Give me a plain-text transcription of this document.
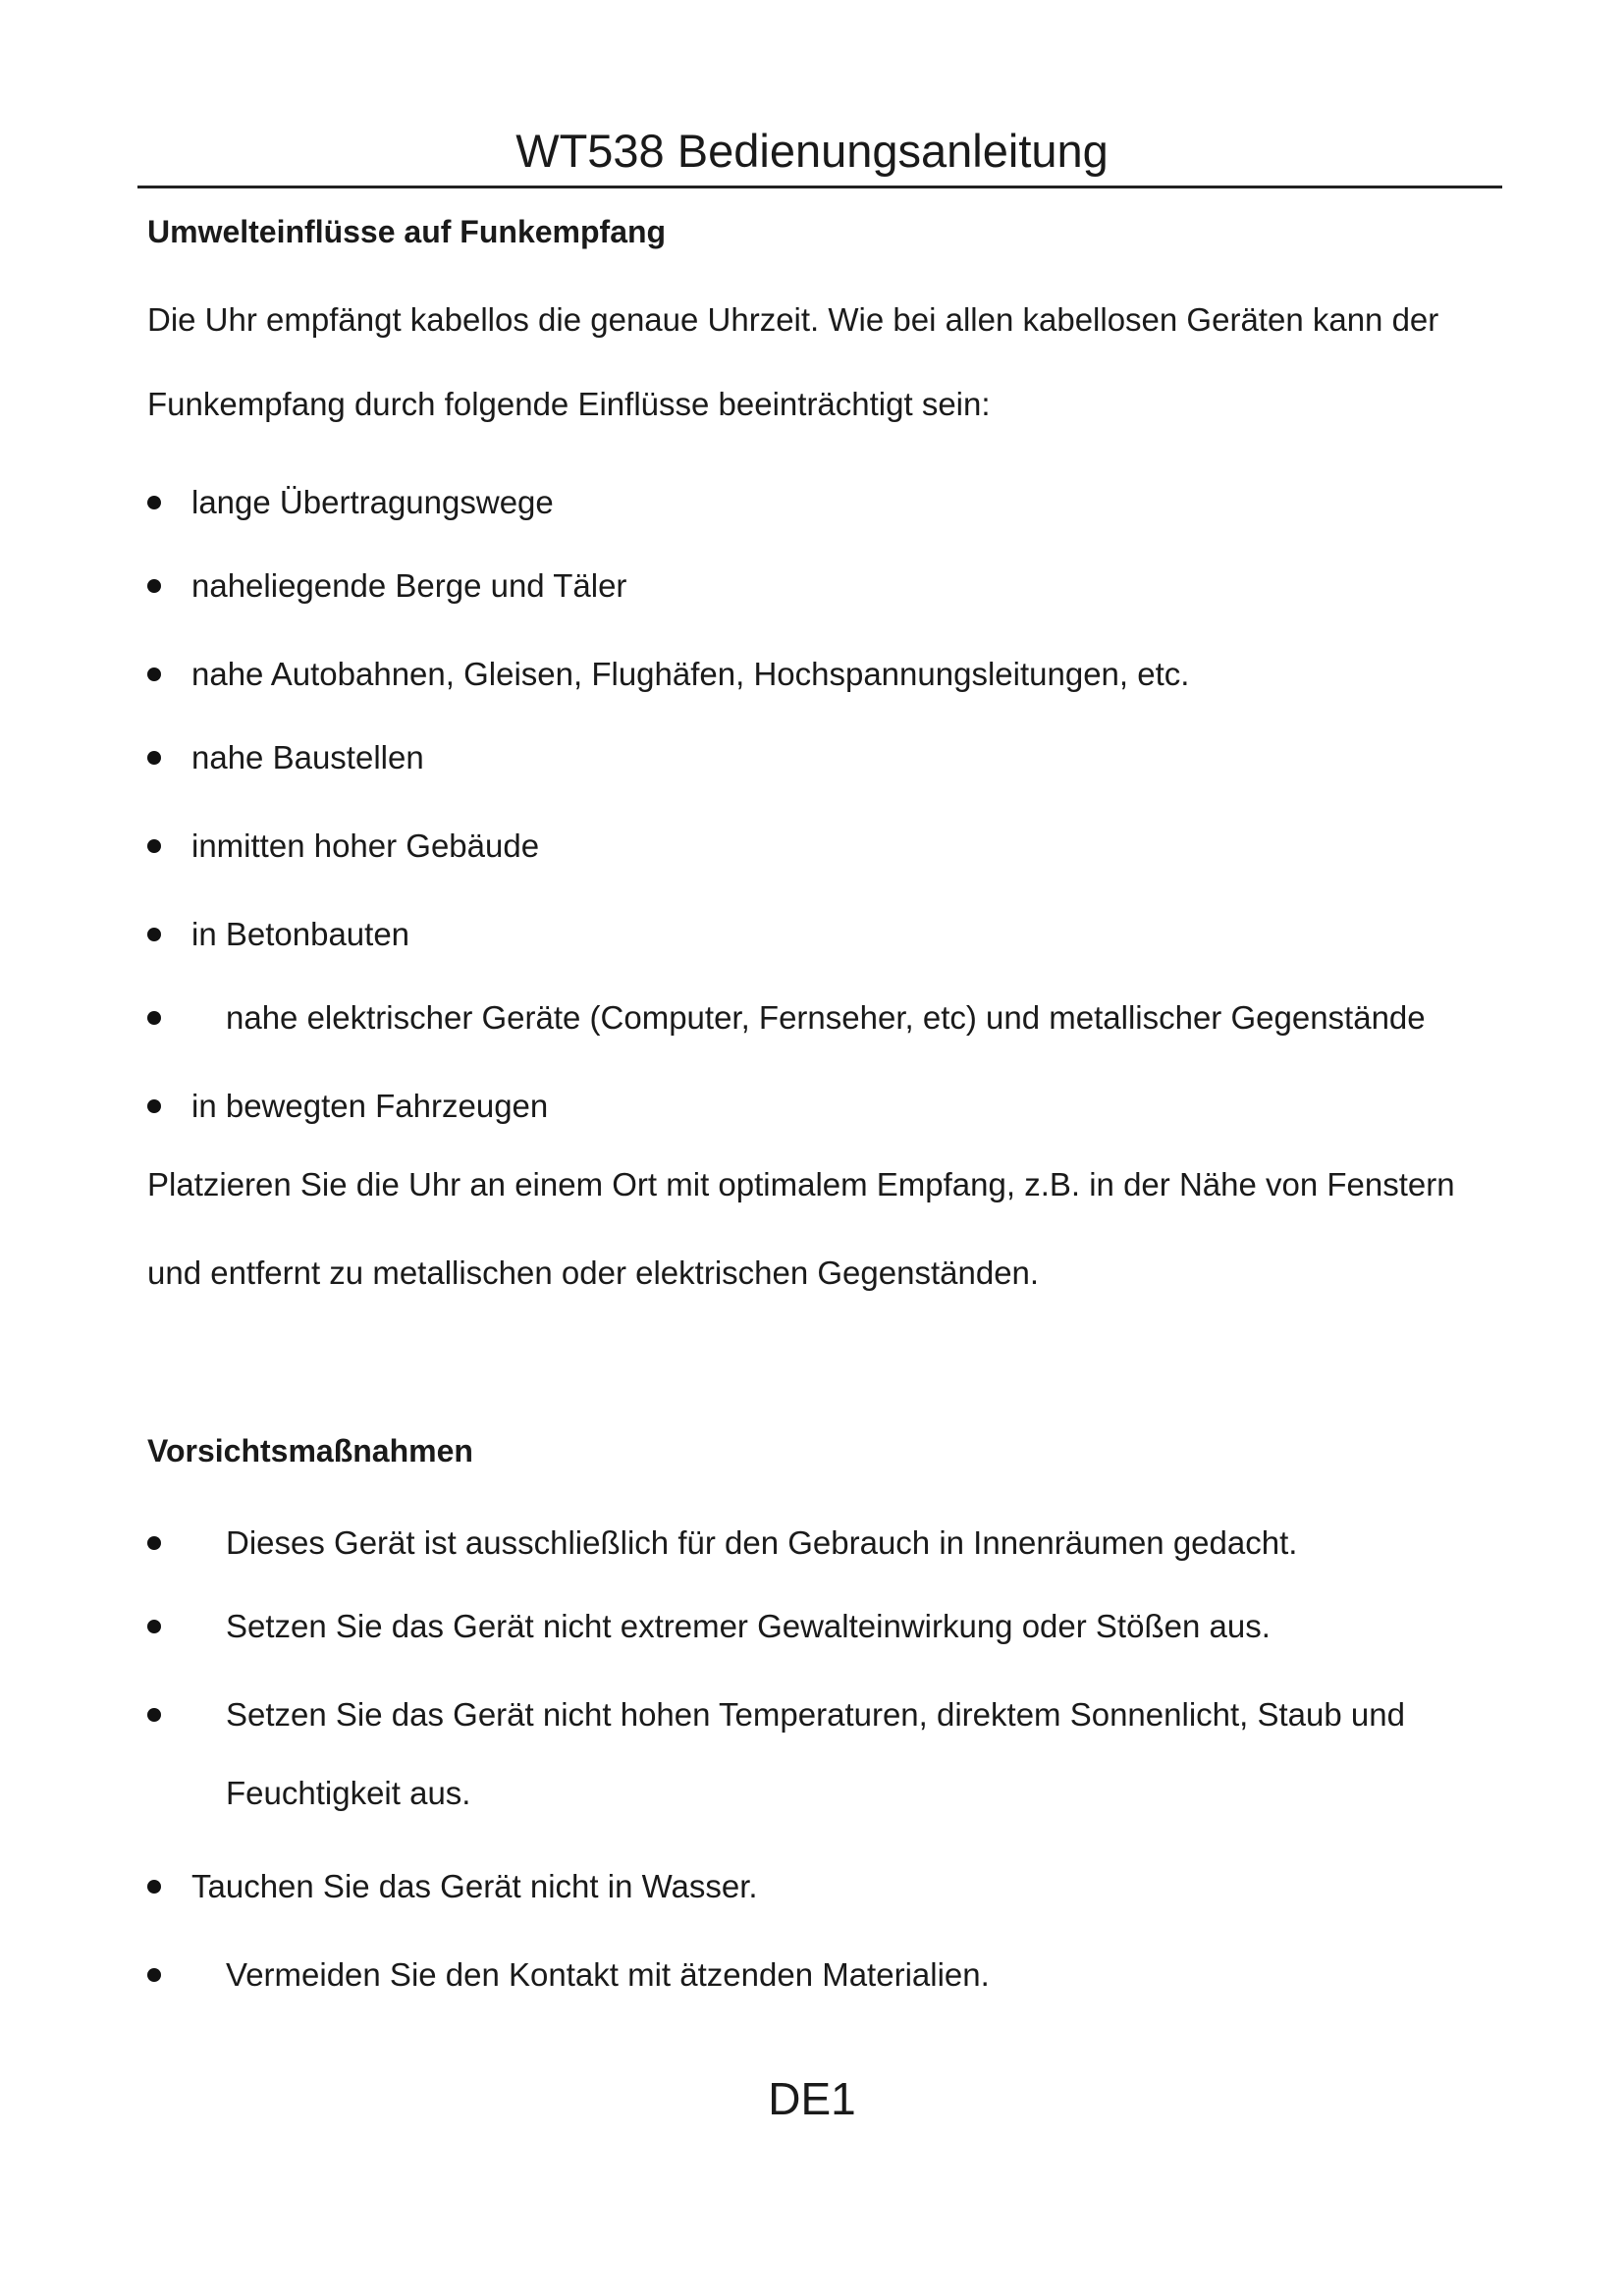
WT538 Bedienungsanleitung
Umwelteinflüsse auf Funkempfang
Die Uhr empfängt kabellos die genaue Uhrzeit. Wie bei allen kabellosen Geräten kann der
Funkempfang durch folgende Einflüsse beeinträchtigt sein:
lange Übertragungswege
naheliegende Berge und Täler
nahe Autobahnen, Gleisen, Flughäfen, Hochspannungsleitungen, etc.
nahe Baustellen
inmitten hoher Gebäude
in Betonbauten
nahe elektrischer Geräte (Computer, Fernseher, etc) und metallischer Gegenstände
in bewegten Fahrzeugen
Platzieren Sie die Uhr an einem Ort mit optimalem Empfang, z.B. in der Nähe von Fenstern
und entfernt zu metallischen oder elektrischen Gegenständen.
Vorsichtsmaßnahmen
Dieses Gerät ist ausschließlich für den Gebrauch in Innenräumen gedacht.
Setzen Sie das Gerät nicht extremer Gewalteinwirkung oder Stößen aus.
Setzen Sie das Gerät nicht hohen Temperaturen, direktem Sonnenlicht, Staub und
Feuchtigkeit aus.
Tauchen Sie das Gerät nicht in Wasser.
Vermeiden Sie den Kontakt mit ätzenden Materialien.
DE1
